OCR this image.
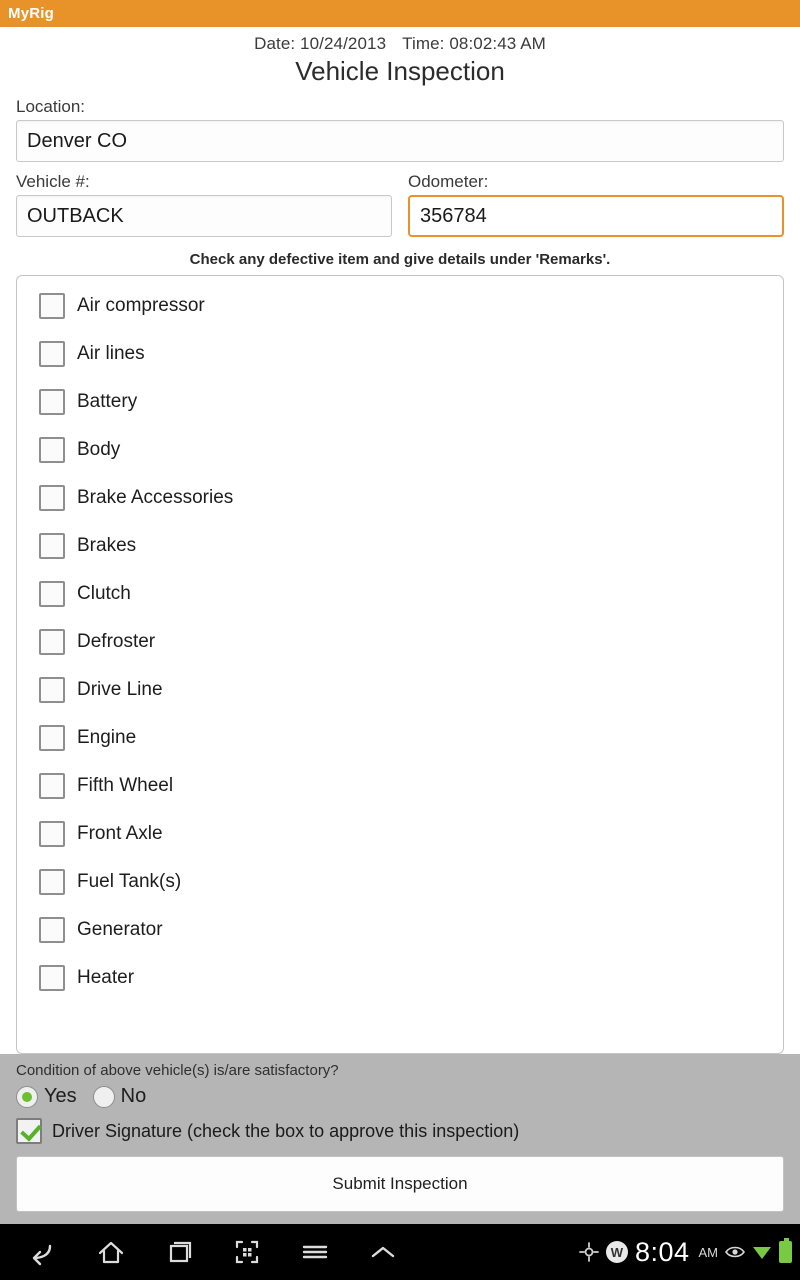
MyRig
Date: 10/24/2013 Time: 08:02:43 AM
Vehicle Inspection
Location:
Denver CO
Vehicle #:
OUTBACK	Odometer:
356784
Check any defective item and give details under 'Remarks'.
Air compressor
Air lines
Battery
Body
Brake Accessories
Brakes
Clutch
Defroster
Drive Line
Engine
Fifth Wheel
Front Axle
Fuel Tank(s)
Generator
Heater
Condition of above vehicle(s) is/are satisfactory?
Yes No
Driver Signature (check the box to approve this inspection)
Submit Inspection
W 8:04 AM
